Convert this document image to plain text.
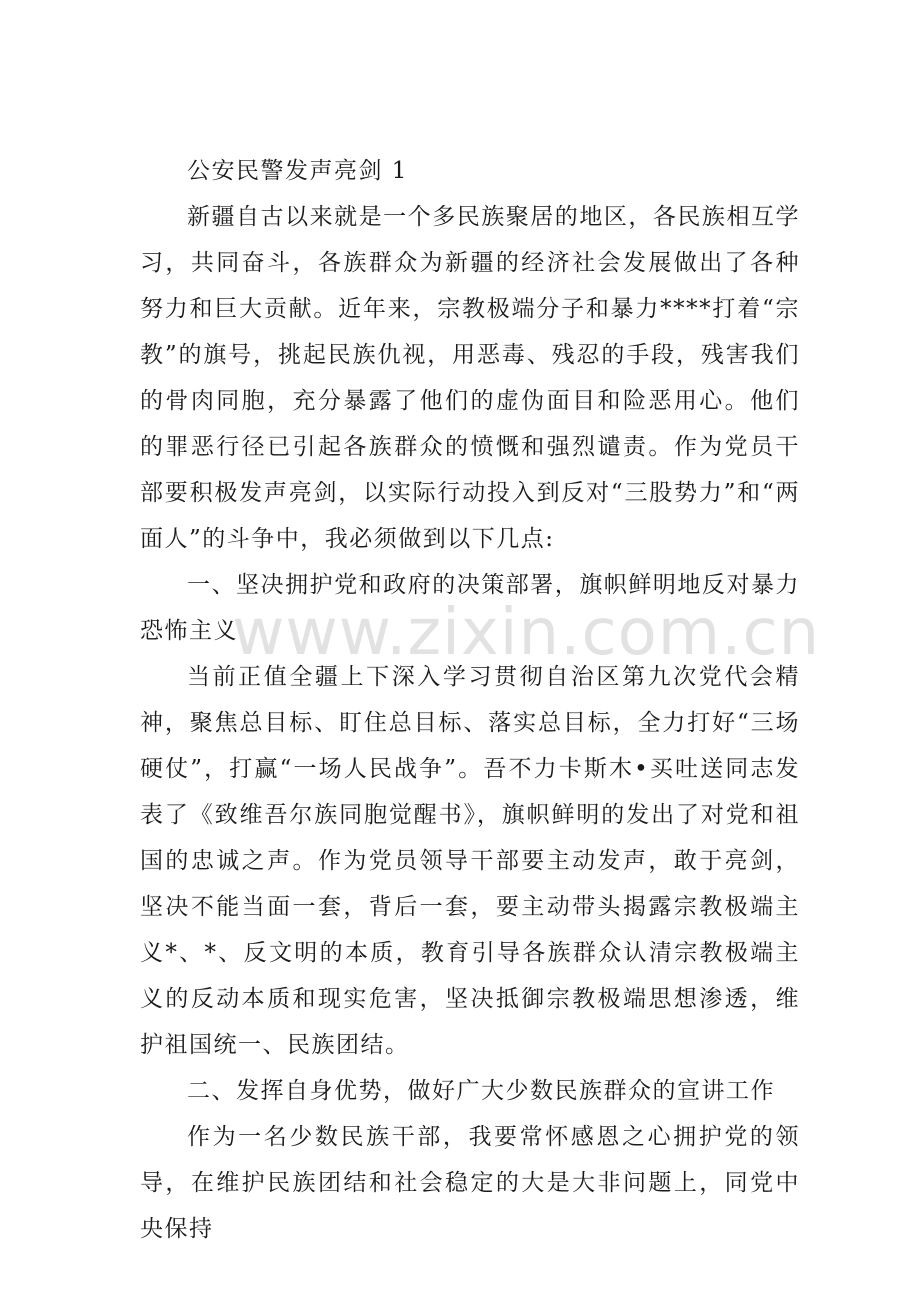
公安民警发声亮剑 1

新疆自古以来就是一个多民族聚居的地区，各民族相互学习，共同奋斗，各族群众为新疆的经济社会发展做出了各种努力和巨大贡献。近年来，宗教极端分子和暴力****打着“宗教”的旗号，挑起民族仇视，用恶毒、残忍的手段，残害我们的骨肉同胞，充分暴露了他们的虚伪面目和险恶用心。他们的罪恶行径已引起各族群众的愤慨和强烈谴责。作为党员干部要积极发声亮剑，以实际行动投入到反对“三股势力”和“两面人”的斗争中，我必须做到以下几点:

一、坚决拥护党和政府的决策部署，旗帜鲜明地反对暴力恐怖主义

当前正值全疆上下深入学习贯彻自治区第九次党代会精神，聚焦总目标、盯住总目标、落实总目标，全力打好“三场硬仗”，打赢“一场人民战争”。吾不力卡斯木•买吐送同志发表了《致维吾尔族同胞觉醒书》，旗帜鲜明的发出了对党和祖国的忠诚之声。作为党员领导干部要主动发声，敢于亮剑，坚决不能当面一套，背后一套，要主动带头揭露宗教极端主义*、*、反文明的本质，教育引导各族群众认清宗教极端主义的反动本质和现实危害，坚决抵御宗教极端思想渗透，维护祖国统一、民族团结。

二、发挥自身优势，做好广大少数民族群众的宣讲工作

作为一名少数民族干部，我要常怀感恩之心拥护党的领导，在维护民族团结和社会稳定的大是大非问题上，同党中央保持

www.zixin.com.cn
